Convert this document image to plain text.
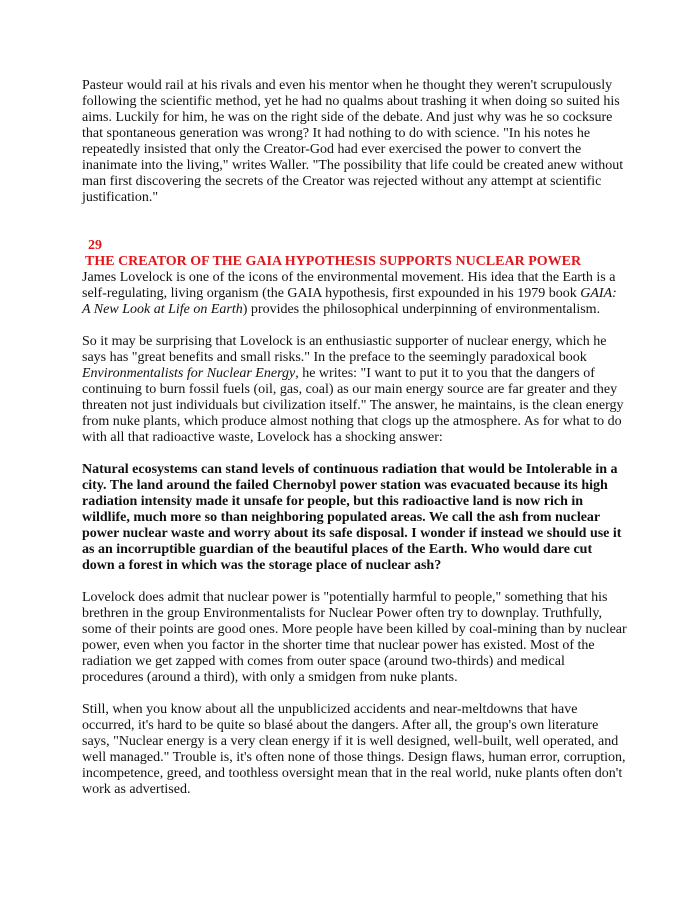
Pasteur would rail at his rivals and even his mentor when he thought they weren't scrupulously
following the scientific method, yet he had no qualms about trashing it when doing so suited his
aims. Luckily for him, he was on the right side of the debate. And just why was he so cocksure
that spontaneous generation was wrong? It had nothing to do with science. "In his notes he
repeatedly insisted that only the Creator-God had ever exercised the power to convert the
inanimate into the living," writes Waller. "The possibility that life could be created anew without
man first discovering the secrets of the Creator was rejected without any attempt at scientific
justification."
29
THE CREATOR OF THE GAIA HYPOTHESIS SUPPORTS NUCLEAR POWER
James Lovelock is one of the icons of the environmental movement. His idea that the Earth is a
self-regulating, living organism (the GAIA hypothesis, first expounded in his 1979 book GAIA:
A New Look at Life on Earth) provides the philosophical underpinning of environmentalism.
So it may be surprising that Lovelock is an enthusiastic supporter of nuclear energy, which he
says has "great benefits and small risks." In the preface to the seemingly paradoxical book
Environmentalists for Nuclear Energy, he writes: "I want to put it to you that the dangers of
continuing to burn fossil fuels (oil, gas, coal) as our main energy source are far greater and they
threaten not just individuals but civilization itself." The answer, he maintains, is the clean energy
from nuke plants, which produce almost nothing that clogs up the atmosphere. As for what to do
with all that radioactive waste, Lovelock has a shocking answer:
Natural ecosystems can stand levels of continuous radiation that would be Intolerable in a
city. The land around the failed Chernobyl power station was evacuated because its high
radiation intensity made it unsafe for people, but this radioactive land is now rich in
wildlife, much more so than neighboring populated areas. We call the ash from nuclear
power nuclear waste and worry about its safe disposal. I wonder if instead we should use it
as an incorruptible guardian of the beautiful places of the Earth. Who would dare cut
down a forest in which was the storage place of nuclear ash?
Lovelock does admit that nuclear power is "potentially harmful to people," something that his
brethren in the group Environmentalists for Nuclear Power often try to downplay. Truthfully,
some of their points are good ones. More people have been killed by coal-mining than by nuclear
power, even when you factor in the shorter time that nuclear power has existed. Most of the
radiation we get zapped with comes from outer space (around two-thirds) and medical
procedures (around a third), with only a smidgen from nuke plants.
Still, when you know about all the unpublicized accidents and near-meltdowns that have
occurred, it's hard to be quite so blasé about the dangers. After all, the group's own literature
says, "Nuclear energy is a very clean energy if it is well designed, well-built, well operated, and
well managed." Trouble is, it's often none of those things. Design flaws, human error, corruption,
incompetence, greed, and toothless oversight mean that in the real world, nuke plants often don't
work as advertised.
